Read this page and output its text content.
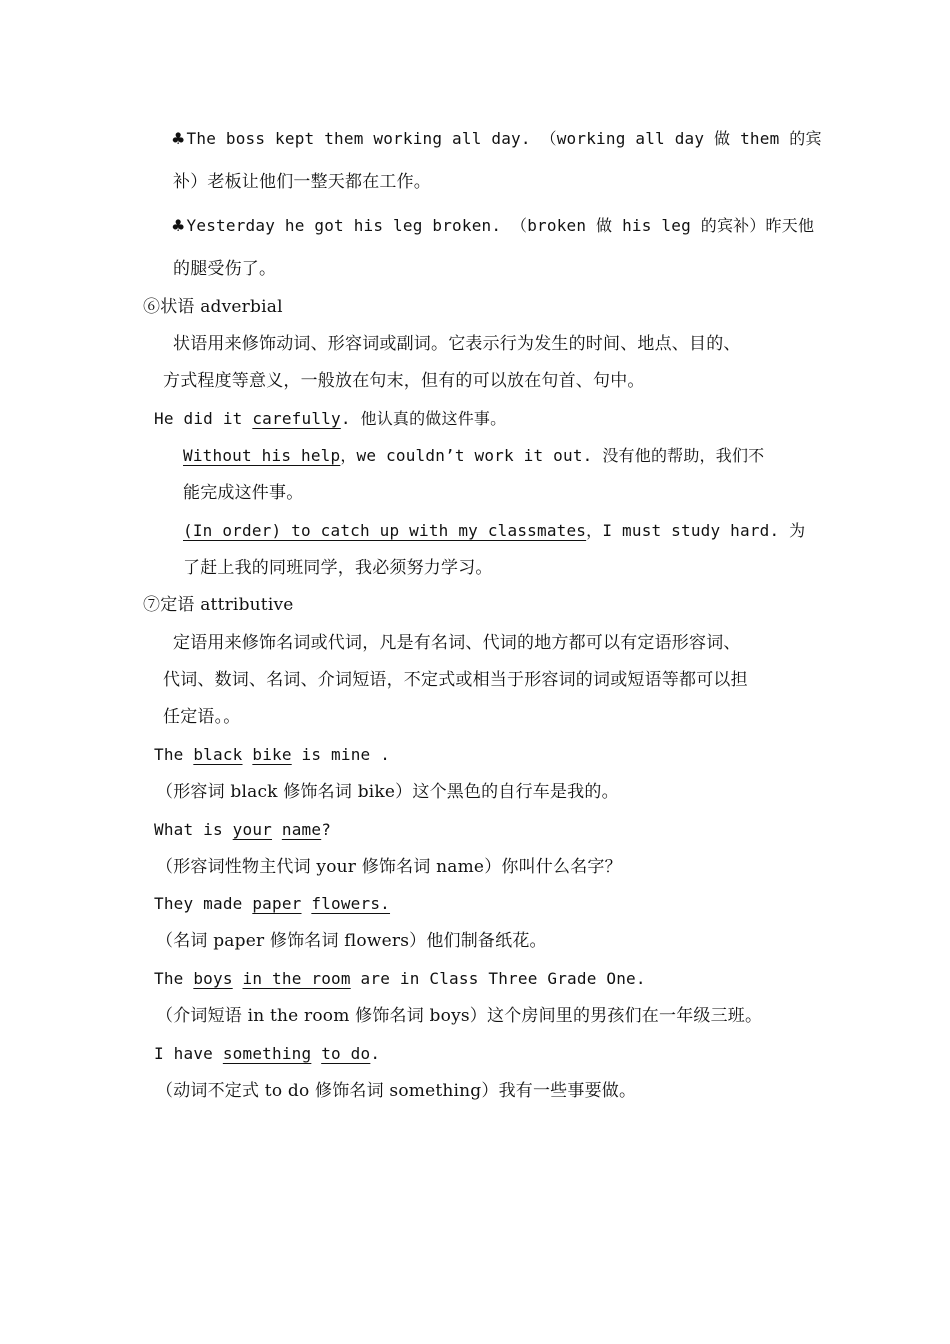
♣The boss kept them working all day. （working all day 做 them 的宾
补）老板让他们一整天都在工作。
♣Yesterday he got his leg broken. （broken 做 his leg 的宾补）昨天他
的腿受伤了。
⑥状语 adverbial
状语用来修饰动词、形容词或副词。它表示行为发生的时间、地点、目的、
方式程度等意义，一般放在句末，但有的可以放在句首、句中。
He did it carefully. 他认真的做这件事。
Without his help，we couldn’t work it out. 没有他的帮助，我们不
能完成这件事。
(In order) to catch up with my classmates，I must study hard. 为
了赶上我的同班同学，我必须努力学习。
⑦定语 attributive
定语用来修饰名词或代词，凡是有名词、代词的地方都可以有定语形容词、
代词、数词、名词、介词短语，不定式或相当于形容词的词或短语等都可以担
任定语。。
The black bike is mine .
（形容词 black 修饰名词 bike）这个黑色的自行车是我的。
What is your name?
（形容词性物主代词 your 修饰名词 name）你叫什么名字？
They made paper flowers.
（名词 paper 修饰名词 flowers）他们制备纸花。
The boys in the room are in Class Three Grade One.
（介词短语 in the room 修饰名词 boys）这个房间里的男孩们在一年级三班。
I have something to do.
（动词不定式 to do 修饰名词 something）我有一些事要做。
